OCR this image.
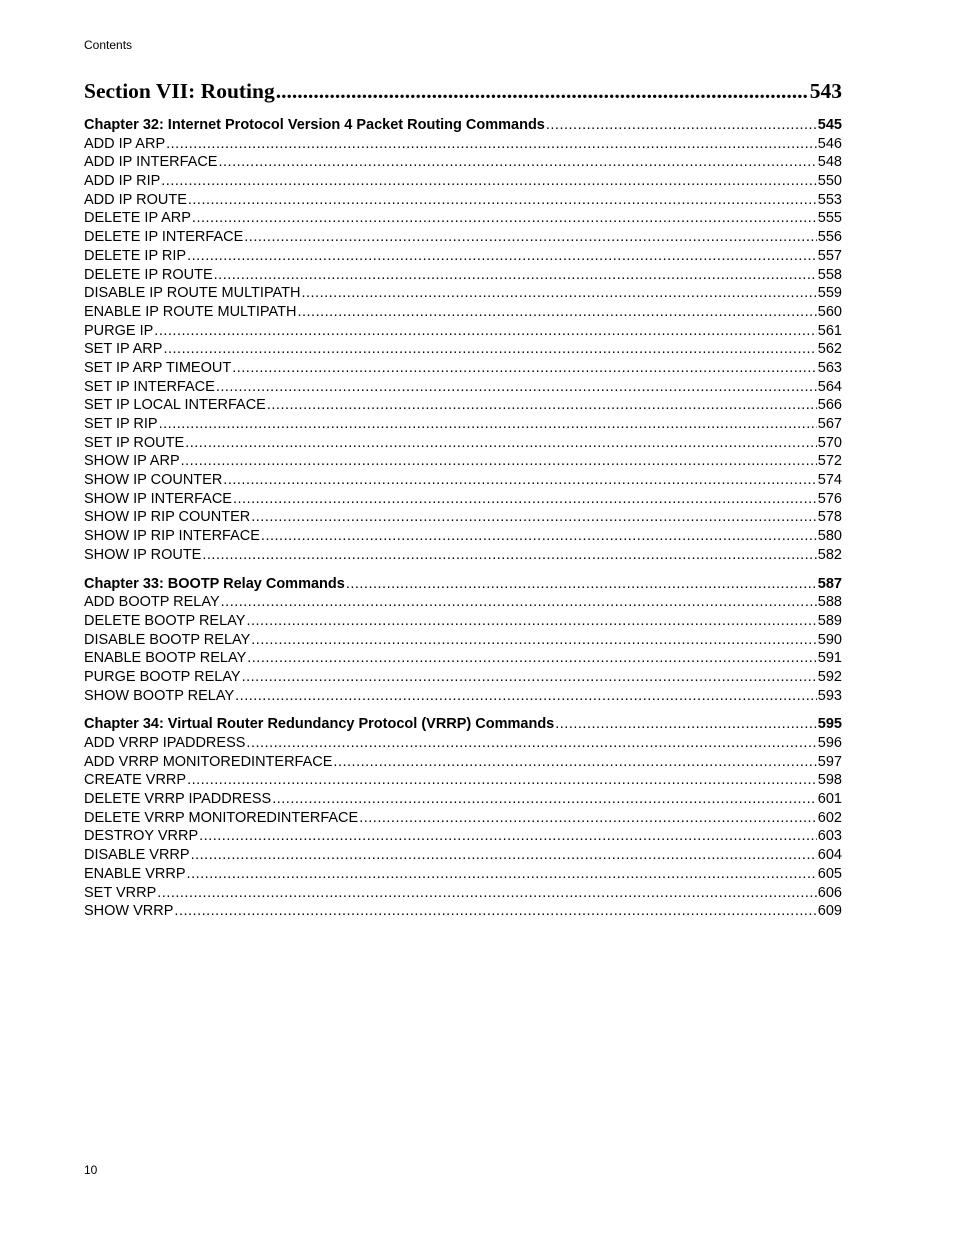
Contents
Section VII: Routing .....	543
Chapter 32: Internet Protocol Version 4 Packet Routing Commands .....	545
ADD IP ARP .....	546
ADD IP INTERFACE .....	548
ADD IP RIP .....	550
ADD IP ROUTE .....	553
DELETE IP ARP .....	555
DELETE IP INTERFACE .....	556
DELETE IP RIP .....	557
DELETE IP ROUTE .....	558
DISABLE IP ROUTE MULTIPATH .....	559
ENABLE IP ROUTE MULTIPATH .....	560
PURGE IP .....	561
SET IP ARP .....	562
SET IP ARP TIMEOUT .....	563
SET IP INTERFACE .....	564
SET IP LOCAL INTERFACE .....	566
SET IP RIP .....	567
SET IP ROUTE .....	570
SHOW IP ARP .....	572
SHOW IP COUNTER .....	574
SHOW IP INTERFACE .....	576
SHOW IP RIP COUNTER .....	578
SHOW IP RIP INTERFACE .....	580
SHOW IP ROUTE .....	582
Chapter 33: BOOTP Relay Commands .....	587
ADD BOOTP RELAY .....	588
DELETE BOOTP RELAY .....	589
DISABLE BOOTP RELAY .....	590
ENABLE BOOTP RELAY .....	591
PURGE BOOTP RELAY .....	592
SHOW BOOTP RELAY .....	593
Chapter 34: Virtual Router Redundancy Protocol (VRRP) Commands .....	595
ADD VRRP IPADDRESS .....	596
ADD VRRP MONITOREDINTERFACE .....	597
CREATE VRRP .....	598
DELETE VRRP IPADDRESS .....	601
DELETE VRRP MONITOREDINTERFACE .....	602
DESTROY VRRP .....	603
DISABLE VRRP .....	604
ENABLE VRRP .....	605
SET VRRP .....	606
SHOW VRRP .....	609
10
